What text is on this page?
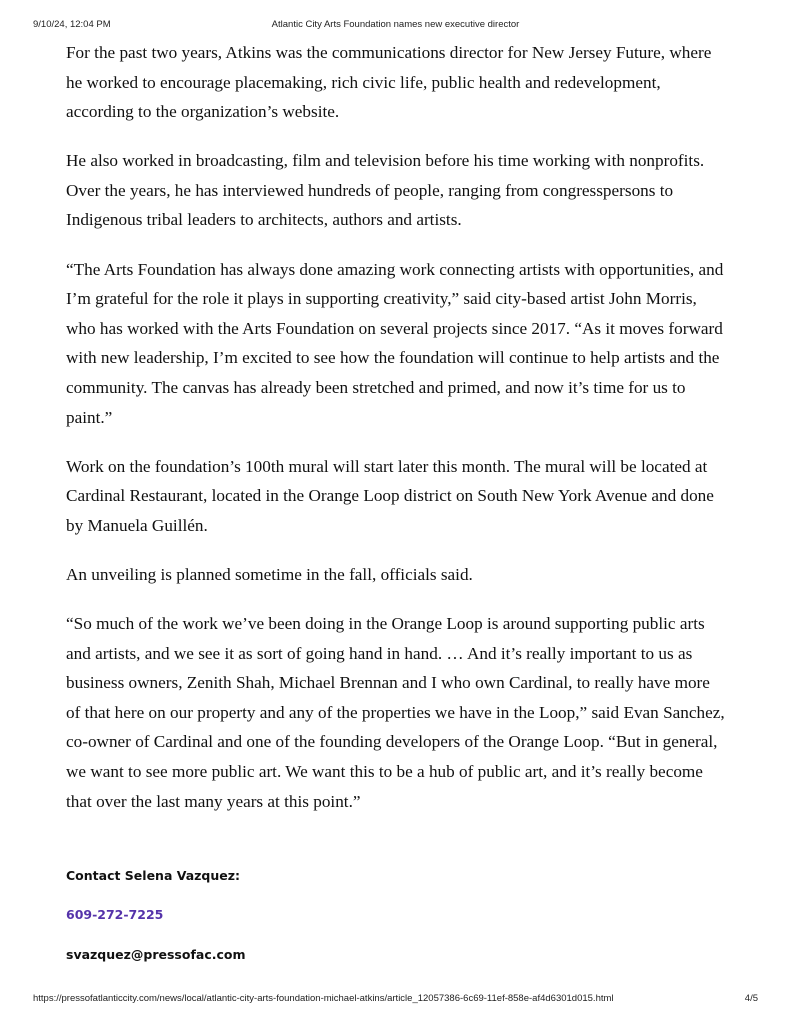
9/10/24, 12:04 PM	Atlantic City Arts Foundation names new executive director

For the past two years, Atkins was the communications director for New Jersey Future, where he worked to encourage placemaking, rich civic life, public health and redevelopment, according to the organization’s website.

He also worked in broadcasting, film and television before his time working with nonprofits. Over the years, he has interviewed hundreds of people, ranging from congresspersons to Indigenous tribal leaders to architects, authors and artists.

“The Arts Foundation has always done amazing work connecting artists with opportunities, and I’m grateful for the role it plays in supporting creativity,” said city-based artist John Morris, who has worked with the Arts Foundation on several projects since 2017. “As it moves forward with new leadership, I’m excited to see how the foundation will continue to help artists and the community. The canvas has already been stretched and primed, and now it’s time for us to paint.”

Work on the foundation’s 100th mural will start later this month. The mural will be located at Cardinal Restaurant, located in the Orange Loop district on South New York Avenue and done by Manuela Guillén.

An unveiling is planned sometime in the fall, officials said.

“So much of the work we’ve been doing in the Orange Loop is around supporting public arts and artists, and we see it as sort of going hand in hand. … And it’s really important to us as business owners, Zenith Shah, Michael Brennan and I who own Cardinal, to really have more of that here on our property and any of the properties we have in the Loop,” said Evan Sanchez, co-owner of Cardinal and one of the founding developers of the Orange Loop. “But in general, we want to see more public art. We want this to be a hub of public art, and it’s really become that over the last many years at this point.”

Contact Selena Vazquez:
609-272-7225
svazquez@pressofac.com
https://pressofatlanticcity.com/news/local/atlantic-city-arts-foundation-michael-atkins/article_12057386-6c69-11ef-858e-af4d6301d015.html	4/5
